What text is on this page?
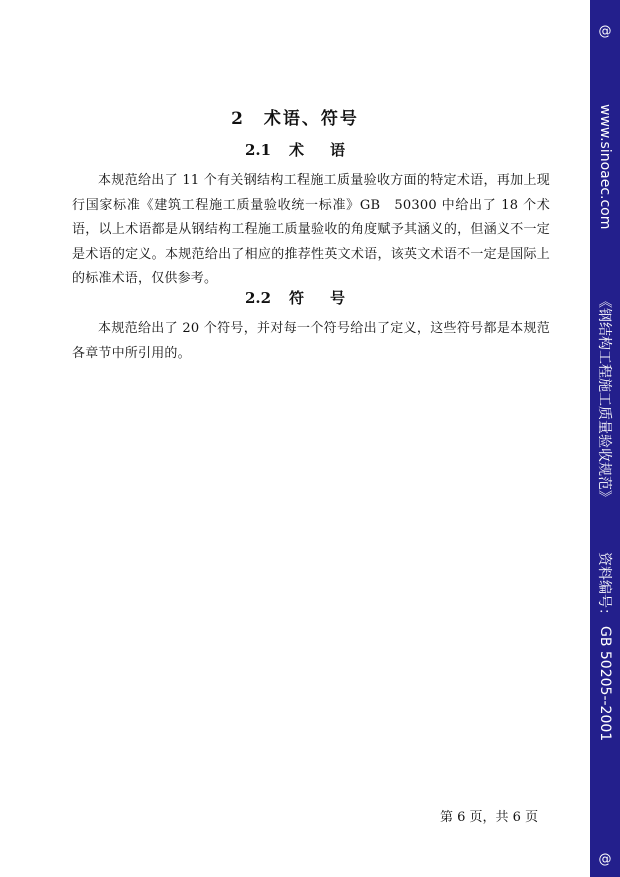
2　术语、符号
2.1 术语

本规范给出了 11 个有关钢结构工程施工质量验收方面的特定术语，再加上现行国家标准《建筑工程施工质量验收统一标准》GB　50300 中给出了 18 个术语，以上术语都是从钢结构工程施工质量验收的角度赋予其涵义的，但涵义不一定是术语的定义。本规范给出了相应的推荐性英文术语，该英文术语不一定是国际上的标准术语，仅供参考。

2.2 符号

本规范给出了 20 个符号，并对每一个符号给出了定义，这些符号都是本规范各章节中所引用的。

第 6 页，共 6 页
@
www.sinoaec.com
《钢结构工程施工质量验收规范》
资料编号：
GB 50205--2001
@
